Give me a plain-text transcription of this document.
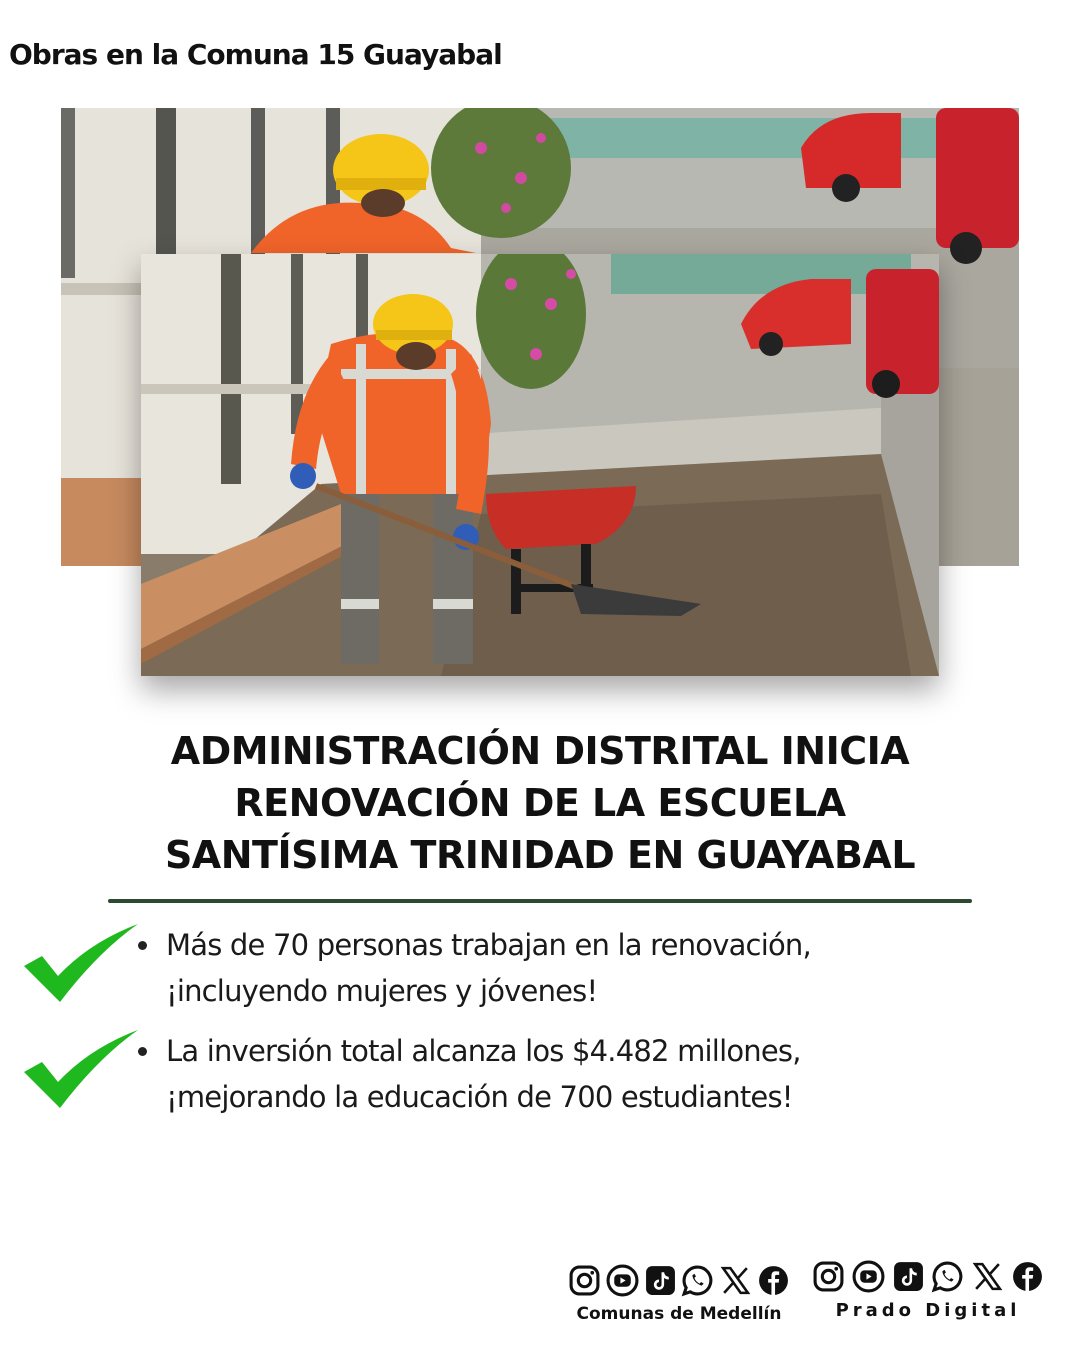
Obras en la Comuna 15 Guayabal
ADMINISTRACIÓN DISTRITAL INICIA
RENOVACIÓN DE LA ESCUELA
SANTÍSIMA TRINIDAD EN GUAYABAL
Más de 70 personas trabajan en la renovación,
¡incluyendo mujeres y jóvenes!
La inversión total alcanza los $4.482 millones,
¡mejorando la educación de 700 estudiantes!
Comunas de Medellín	Prado Digital
